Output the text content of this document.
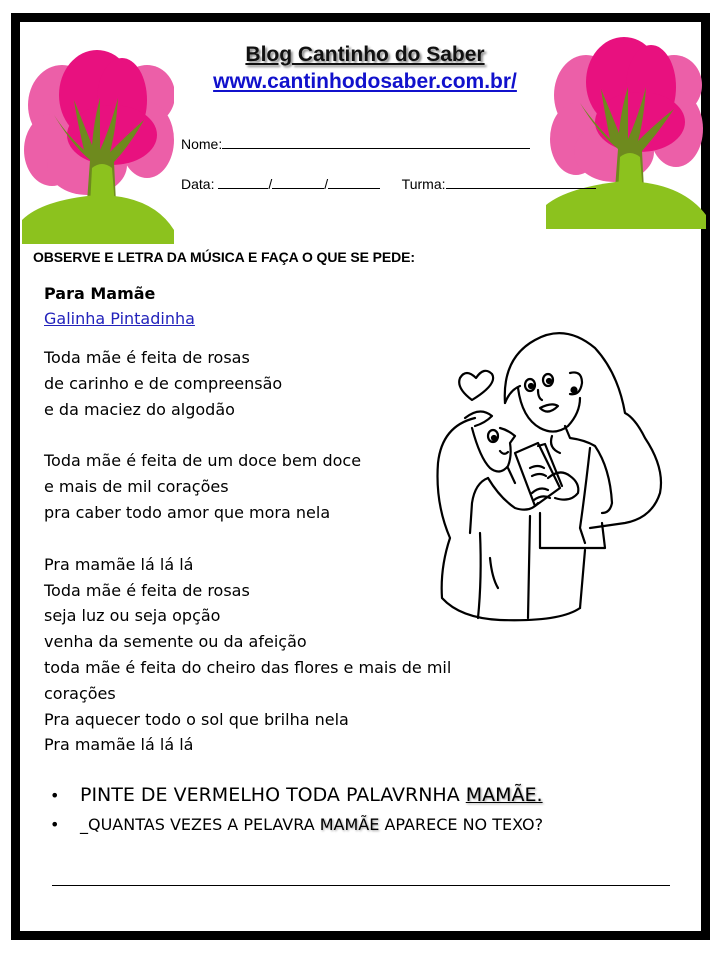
Blog Cantinho do Saber
www.cantinhodosaber.com.br/
Nome:
Data:	/	/	Turma:
OBSERVE E LETRA DA MÚSICA E FAÇA O QUE SE PEDE:
Para Mamãe
Galinha Pintadinha
Toda mãe é feita de rosas
de carinho e de compreensão
e da maciez do algodão
Toda mãe é feita de um doce bem doce
e mais de mil corações
pra caber todo amor que mora nela
Pra mamãe lá lá lá
Toda mãe é feita de rosas
seja luz ou seja opção
venha da semente ou da afeição
toda mãe é feita do cheiro das flores e mais de mil
corações
Pra aquecer todo o sol que brilha nela
Pra mamãe lá lá lá
•	PINTE DE VERMELHO TODA PALAVRNHA
MAMÃE.
•	_ QUANTAS VEZES A PELAVRA
MAMÃE
APARECE NO TEXO?
